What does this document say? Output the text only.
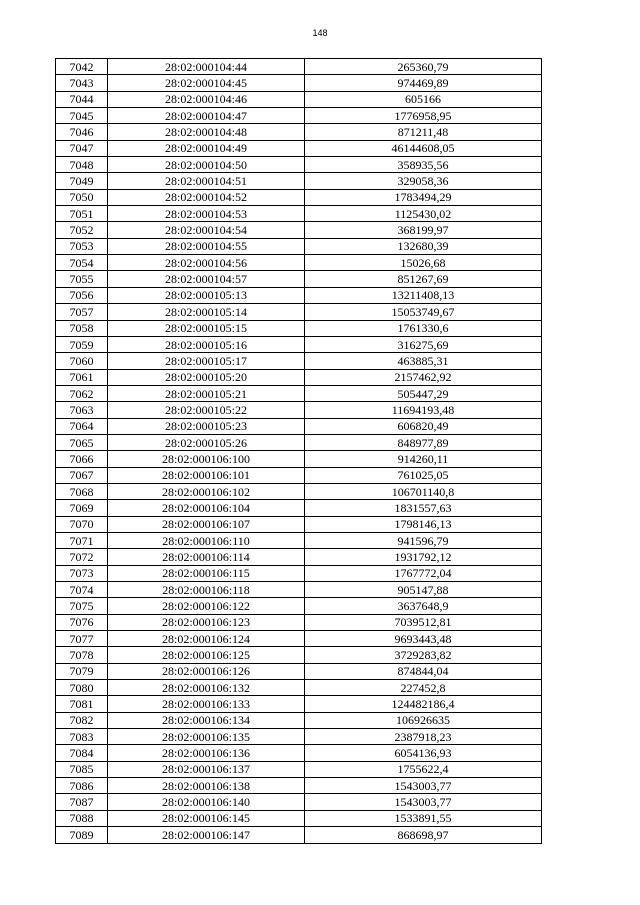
148
7042	28:02:000104:44	265360,79
7043	28:02:000104:45	974469,89
7044	28:02:000104:46	605166
7045	28:02:000104:47	1776958,95
7046	28:02:000104:48	871211,48
7047	28:02:000104:49	46144608,05
7048	28:02:000104:50	358935,56
7049	28:02:000104:51	329058,36
7050	28:02:000104:52	1783494,29
7051	28:02:000104:53	1125430,02
7052	28:02:000104:54	368199,97
7053	28:02:000104:55	132680,39
7054	28:02:000104:56	15026,68
7055	28:02:000104:57	851267,69
7056	28:02:000105:13	13211408,13
7057	28:02:000105:14	15053749,67
7058	28:02:000105:15	1761330,6
7059	28:02:000105:16	316275,69
7060	28:02:000105:17	463885,31
7061	28:02:000105:20	2157462,92
7062	28:02:000105:21	505447,29
7063	28:02:000105:22	11694193,48
7064	28:02:000105:23	606820,49
7065	28:02:000105:26	848977,89
7066	28:02:000106:100	914260,11
7067	28:02:000106:101	761025,05
7068	28:02:000106:102	106701140,8
7069	28:02:000106:104	1831557,63
7070	28:02:000106:107	1798146,13
7071	28:02:000106:110	941596,79
7072	28:02:000106:114	1931792,12
7073	28:02:000106:115	1767772,04
7074	28:02:000106:118	905147,88
7075	28:02:000106:122	3637648,9
7076	28:02:000106:123	7039512,81
7077	28:02:000106:124	9693443,48
7078	28:02:000106:125	3729283,82
7079	28:02:000106:126	874844,04
7080	28:02:000106:132	227452,8
7081	28:02:000106:133	124482186,4
7082	28:02:000106:134	106926635
7083	28:02:000106:135	2387918,23
7084	28:02:000106:136	6054136,93
7085	28:02:000106:137	1755622,4
7086	28:02:000106:138	1543003,77
7087	28:02:000106:140	1543003,77
7088	28:02:000106:145	1533891,55
7089	28:02:000106:147	868698,97
